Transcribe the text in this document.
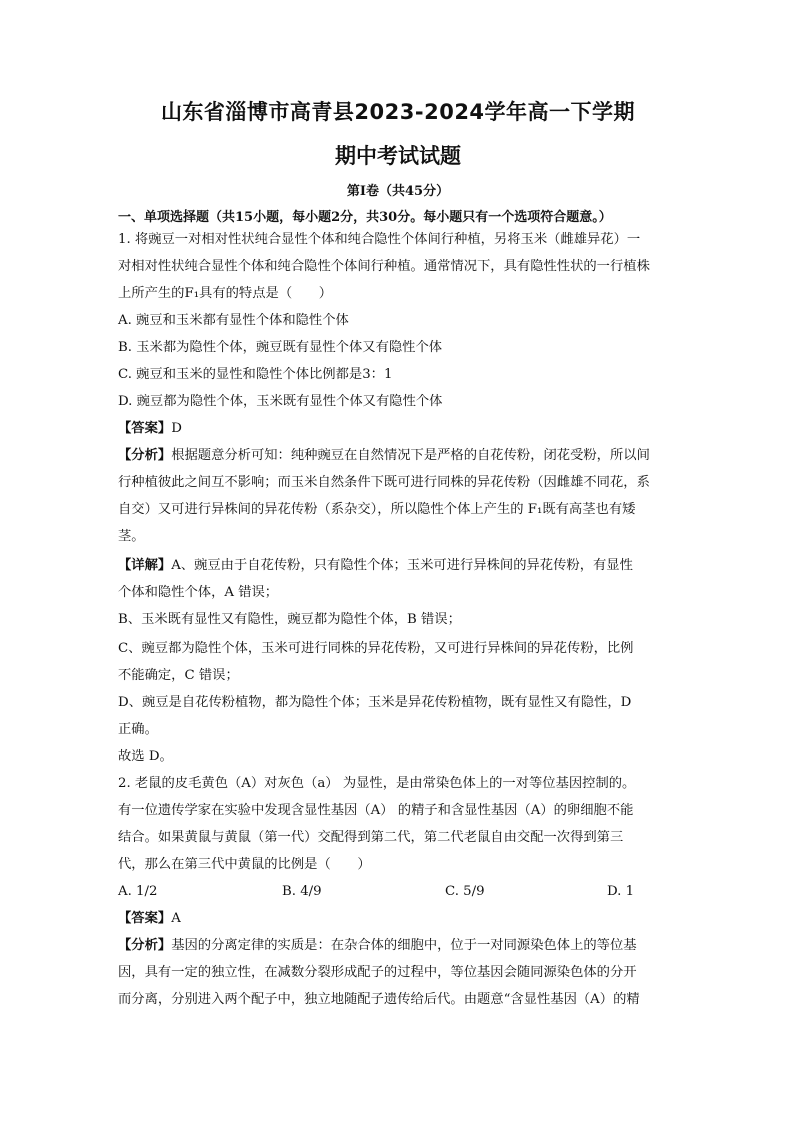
山东省淄博市高青县2023-2024学年高一下学期
期中考试试题
第I卷（共45分）
一、单项选择题（共15小题，每小题2分，共30分。每小题只有一个选项符合题意。）
1. 将豌豆一对相对性状纯合显性个体和纯合隐性个体间行种植，另将玉米（雌雄异花）一
对相对性状纯合显性个体和纯合隐性个体间行种植。通常情况下，具有隐性性状的一行植株
上所产生的F₁具有的特点是（　　）
A. 豌豆和玉米都有显性个体和隐性个体
B. 玉米都为隐性个体，豌豆既有显性个体又有隐性个体
C. 豌豆和玉米的显性和隐性个体比例都是3：1
D. 豌豆都为隐性个体，玉米既有显性个体又有隐性个体
【答案】D
【分析】根据题意分析可知：纯种豌豆在自然情况下是严格的自花传粉，闭花受粉，所以间
行种植彼此之间互不影响；而玉米自然条件下既可进行同株的异花传粉（因雌雄不同花，系
自交）又可进行异株间的异花传粉（系杂交），所以隐性个体上产生的 F₁既有高茎也有矮
茎。
【详解】A、豌豆由于自花传粉，只有隐性个体；玉米可进行异株间的异花传粉，有显性
个体和隐性个体，A 错误；
B、玉米既有显性又有隐性，豌豆都为隐性个体，B 错误；
C、豌豆都为隐性个体，玉米可进行同株的异花传粉，又可进行异株间的异花传粉，比例
不能确定，C 错误；
D、豌豆是自花传粉植物，都为隐性个体；玉米是异花传粉植物，既有显性又有隐性，D
正确。
故选 D。
2. 老鼠的皮毛黄色（A）对灰色（a） 为显性，是由常染色体上的一对等位基因控制的。
有一位遗传学家在实验中发现含显性基因（A） 的精子和含显性基因（A）的卵细胞不能
结合。如果黄鼠与黄鼠（第一代）交配得到第二代，第二代老鼠自由交配一次得到第三
代，那么在第三代中黄鼠的比例是（　　）
A. 1/2	B. 4/9	C. 5/9	D. 1
【答案】A
【分析】基因的分离定律的实质是：在杂合体的细胞中，位于一对同源染色体上的等位基
因，具有一定的独立性，在减数分裂形成配子的过程中，等位基因会随同源染色体的分开
而分离，分别进入两个配子中，独立地随配子遗传给后代。由题意“含显性基因（A）的精
